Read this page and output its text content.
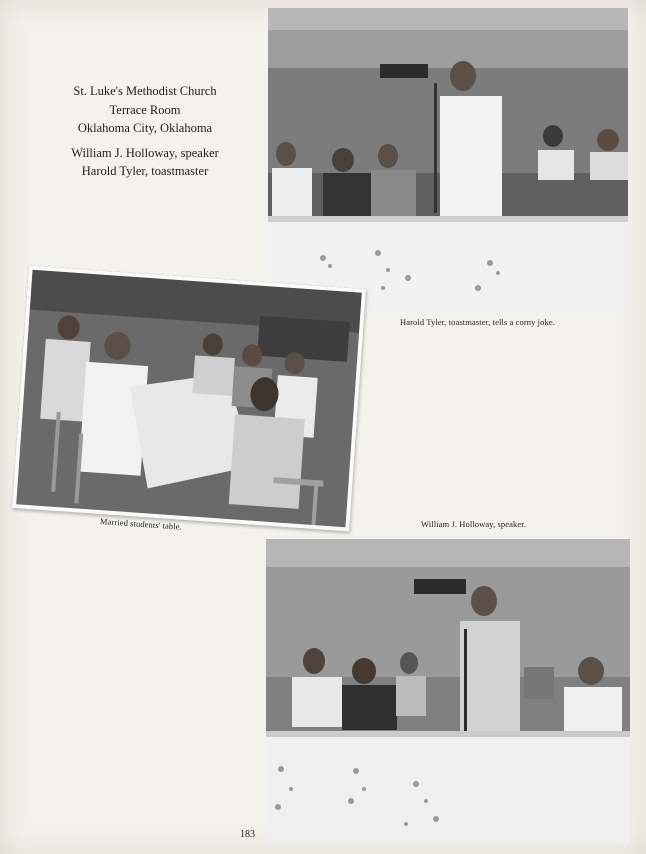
St. Luke's Methodist Church
Terrace Room
Oklahoma City, Oklahoma
William J. Holloway, speaker
Harold Tyler, toastmaster
Harold Tyler, toastmaster, tells a corny joke.
Married students' table.	William J. Holloway, speaker.
183
